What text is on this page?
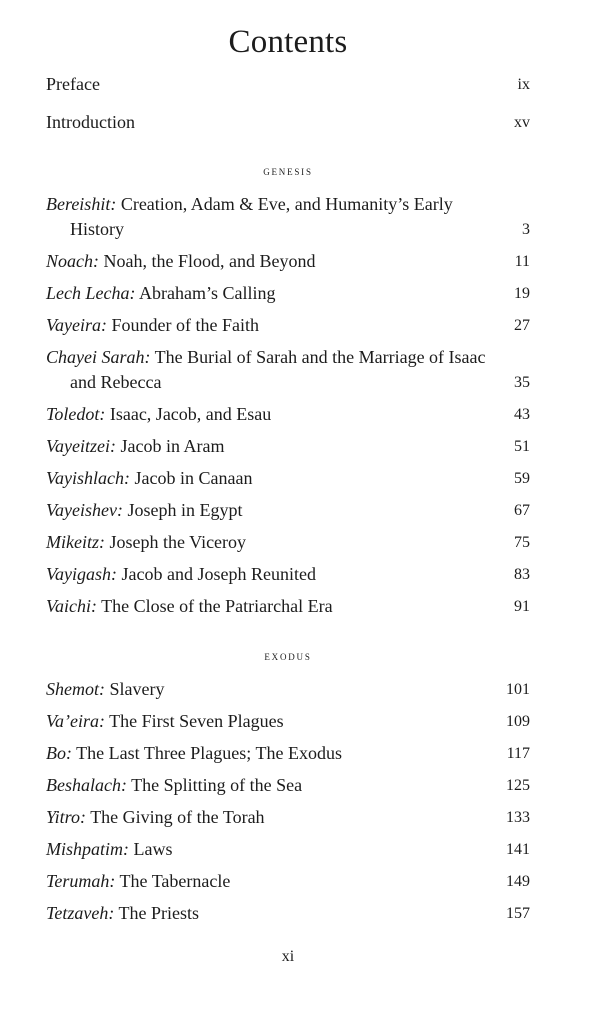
Contents
Preface	ix
Introduction	xv
genesis
Bereishit: Creation, Adam & Eve, and Humanity’s Early History	3
Noach: Noah, the Flood, and Beyond	11
Lech Lecha: Abraham’s Calling	19
Vayeira: Founder of the Faith	27
Chayei Sarah: The Burial of Sarah and the Marriage of Isaac and Rebecca	35
Toledot: Isaac, Jacob, and Esau	43
Vayeitzei: Jacob in Aram	51
Vayishlach: Jacob in Canaan	59
Vayeishev: Joseph in Egypt	67
Mikeitz: Joseph the Viceroy	75
Vayigash: Jacob and Joseph Reunited	83
Vaichi: The Close of the Patriarchal Era	91
exodus
Shemot: Slavery	101
Va’eira: The First Seven Plagues	109
Bo: The Last Three Plagues; The Exodus	117
Beshalach: The Splitting of the Sea	125
Yitro: The Giving of the Torah	133
Mishpatim: Laws	141
Terumah: The Tabernacle	149
Tetzaveh: The Priests	157
xi
